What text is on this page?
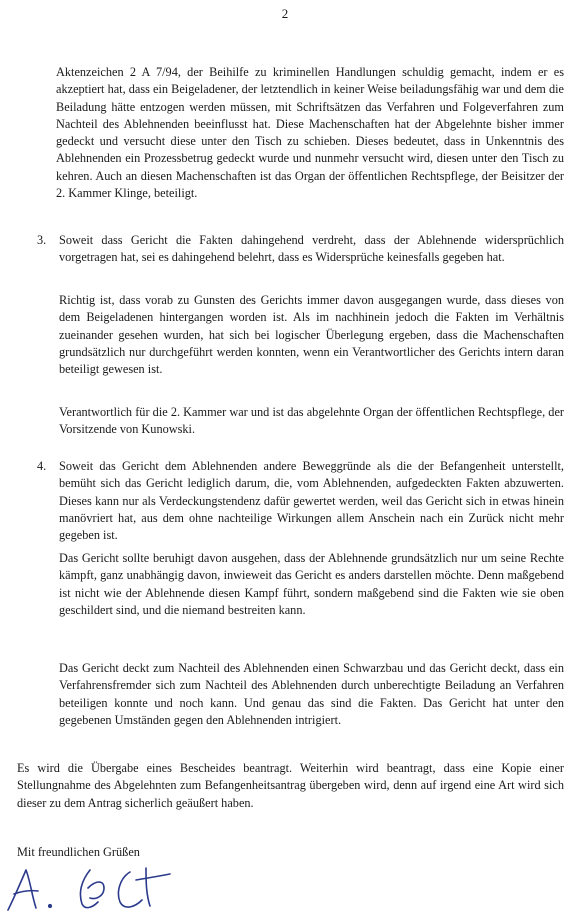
2
Aktenzeichen 2 A 7/94, der Beihilfe zu kriminellen Handlungen schuldig gemacht, indem er es akzeptiert hat, dass ein Beigeladener, der letztendlich in keiner Weise beiladungsfähig war und dem die Beiladung hätte entzogen werden müssen, mit Schriftsätzen das Verfahren und Folgeverfahren zum Nachteil des Ablehnenden beeinflusst hat. Diese Machenschaften hat der Abgelehnte bisher immer gedeckt und versucht diese unter den Tisch zu schieben. Dieses bedeutet, dass in Unkenntnis des Ablehnenden ein Prozessbetrug gedeckt wurde und nunmehr versucht wird, diesen unter den Tisch zu kehren. Auch an diesen Machenschaften ist das Organ der öffentlichen Rechtspflege, der Beisitzer der 2. Kammer Klinge, beteiligt.
3. Soweit dass Gericht die Fakten dahingehend verdreht, dass der Ablehnende widersprüchlich vorgetragen hat, sei es dahingehend belehrt, dass es Widersprüche keinesfalls gegeben hat.
Richtig ist, dass vorab zu Gunsten des Gerichts immer davon ausgegangen wurde, dass dieses von dem Beigeladenen hintergangen worden ist. Als im nachhinein jedoch die Fakten im Verhältnis zueinander gesehen wurden, hat sich bei logischer Überlegung ergeben, dass die Machenschaften grundsätzlich nur durchgeführt werden konnten, wenn ein Verantwortlicher des Gerichts intern daran beteiligt gewesen ist.
Verantwortlich für die 2. Kammer war und ist das abgelehnte Organ der öffentlichen Rechtspflege, der Vorsitzende von Kunowski.
4. Soweit das Gericht dem Ablehnenden andere Beweggründe als die der Befangenheit unterstellt, bemüht sich das Gericht lediglich darum, die, vom Ablehnenden, aufgedeckten Fakten abzuwerten. Dieses kann nur als Verdeckungstendenz dafür gewertet werden, weil das Gericht sich in etwas hinein manövriert hat, aus dem ohne nachteilige Wirkungen allem Anschein nach ein Zurück nicht mehr gegeben ist.
Das Gericht sollte beruhigt davon ausgehen, dass der Ablehnende grundsätzlich nur um seine Rechte kämpft, ganz unabhängig davon, inwieweit das Gericht es anders darstellen möchte. Denn maßgebend ist nicht wie der Ablehnende diesen Kampf führt, sondern maßgebend sind die Fakten wie sie oben geschildert sind, und die niemand bestreiten kann.
Das Gericht deckt zum Nachteil des Ablehnenden einen Schwarzbau und das Gericht deckt, dass ein Verfahrensfremder sich zum Nachteil des Ablehnenden durch unberechtigte Beiladung an Verfahren beteiligen konnte und noch kann. Und genau das sind die Fakten. Das Gericht hat unter den gegebenen Umständen gegen den Ablehnenden intrigiert.
Es wird die Übergabe eines Bescheides beantragt. Weiterhin wird beantragt, dass eine Kopie einer Stellungnahme des Abgelehnten zum Befangenheitsantrag übergeben wird, denn auf irgend eine Art wird sich dieser zu dem Antrag sicherlich geäußert haben.
Mit freundlichen Grüßen
